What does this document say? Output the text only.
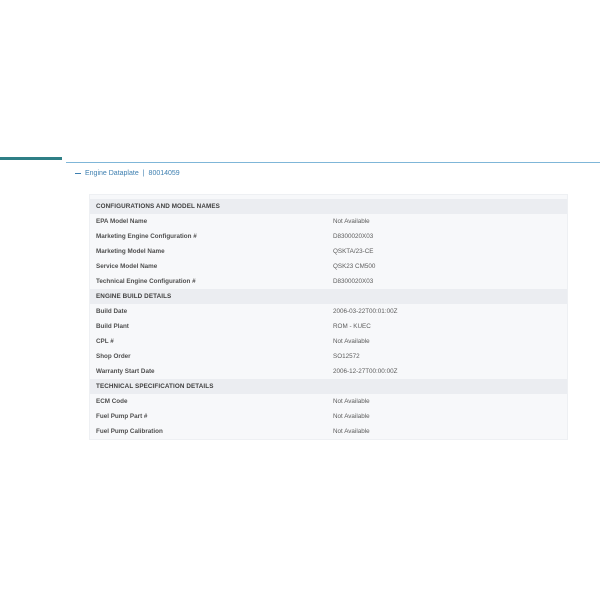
Engine Dataplate | 80014059
CONFIGURATIONS AND MODEL NAMES
EPA Model Name	Not Available
Marketing Engine Configuration #	D8300020X03
Marketing Model Name	QSKTA/23-CE
Service Model Name	QSK23 CM500
Technical Engine Configuration #	D8300020X03
ENGINE BUILD DETAILS
Build Date	2006-03-22T00:01:00Z
Build Plant	ROM - KUEC
CPL #	Not Available
Shop Order	SO12572
Warranty Start Date	2006-12-27T00:00:00Z
TECHNICAL SPECIFICATION DETAILS
ECM Code	Not Available
Fuel Pump Part #	Not Available
Fuel Pump Calibration	Not Available
